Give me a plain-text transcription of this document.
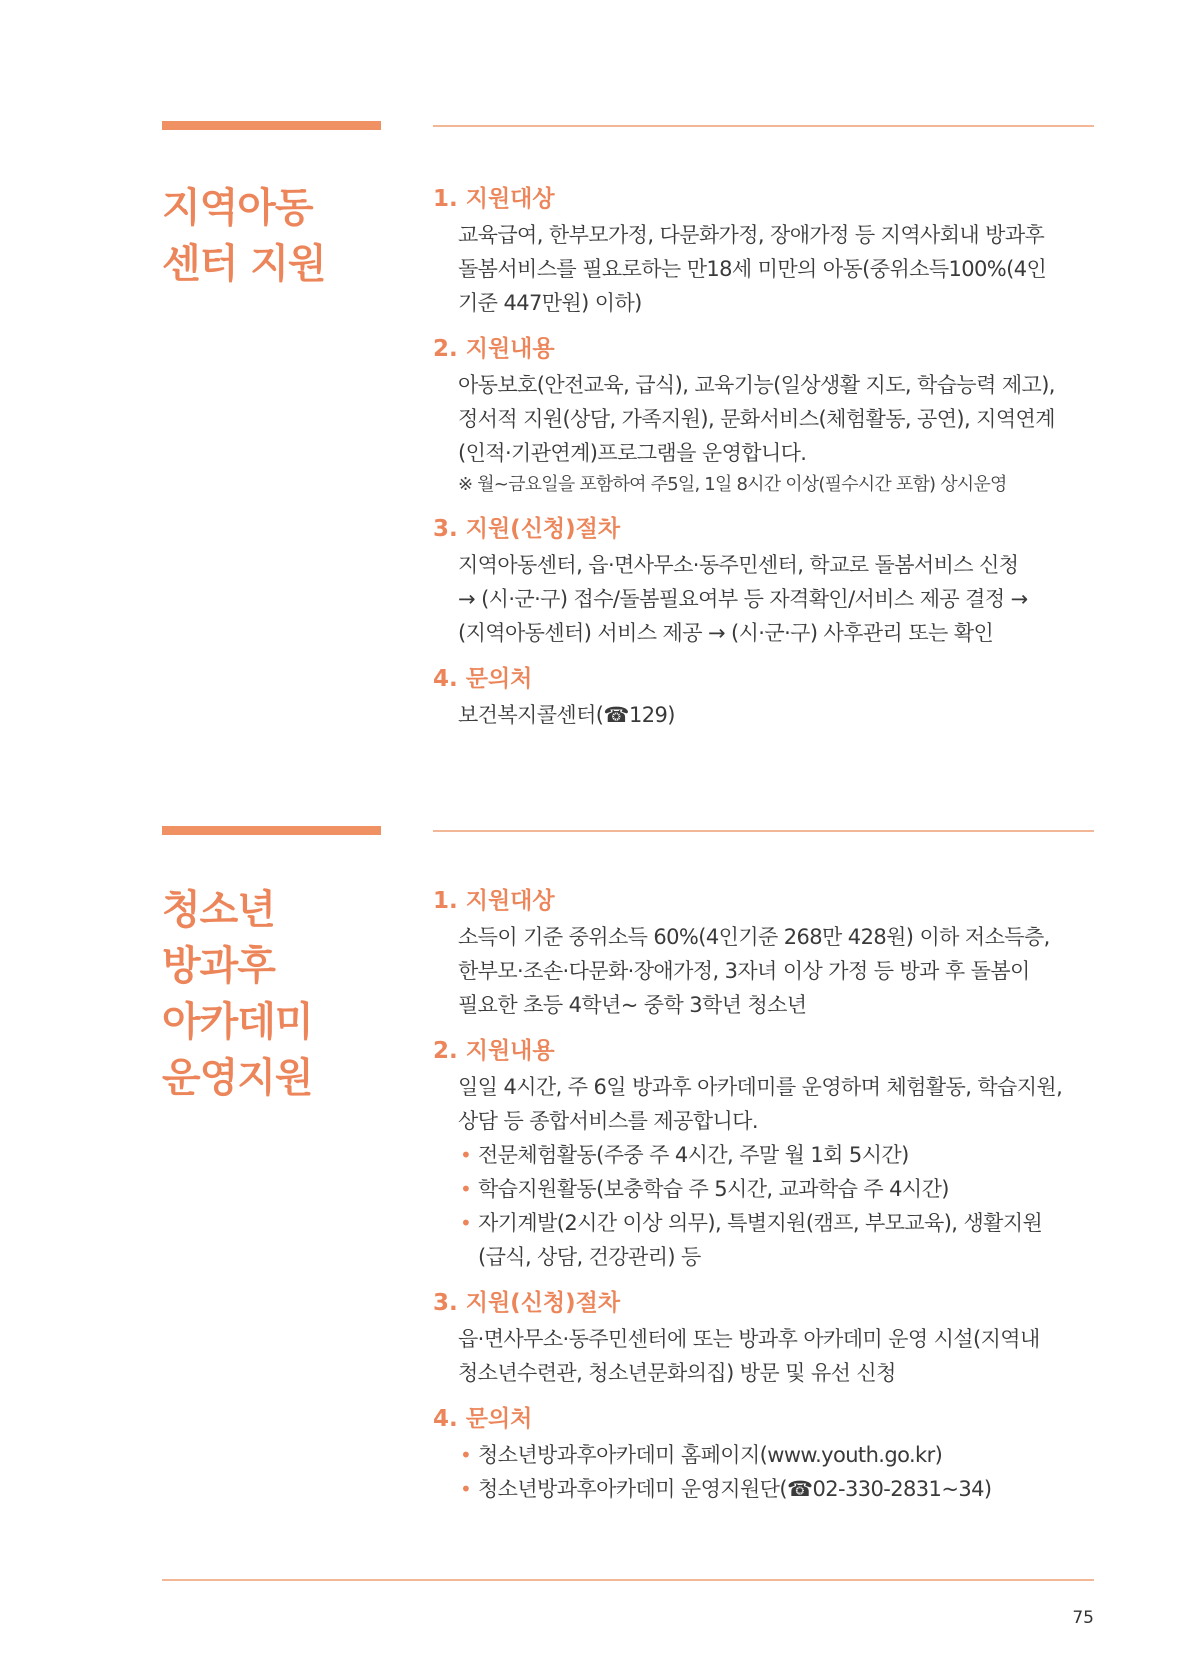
지역아동
센터 지원
1. 지원대상
교육급여, 한부모가정, 다문화가정, 장애가정 등 지역사회내 방과후
돌봄서비스를 필요로하는 만18세 미만의 아동(중위소득100%(4인
기준 447만원) 이하)
2. 지원내용
아동보호(안전교육, 급식), 교육기능(일상생활 지도, 학습능력 제고),
정서적 지원(상담, 가족지원), 문화서비스(체험활동, 공연), 지역연계
(인적·기관연계)프로그램을 운영합니다.
※ 월~금요일을 포함하여 주5일, 1일 8시간 이상(필수시간 포함) 상시운영
3. 지원(신청)절차
지역아동센터, 읍·면사무소·동주민센터, 학교로 돌봄서비스 신청
→ (시·군·구) 접수/돌봄필요여부 등 자격확인/서비스 제공 결정 →
(지역아동센터) 서비스 제공 → (시·군·구) 사후관리 또는 확인
4. 문의처
보건복지콜센터(☎129)
청소년
방과후
아카데미
운영지원
1. 지원대상
소득이 기준 중위소득 60%(4인기준 268만 428원) 이하 저소득층,
한부모·조손·다문화·장애가정, 3자녀 이상 가정 등 방과 후 돌봄이
필요한 초등 4학년~ 중학 3학년 청소년
2. 지원내용
일일 4시간, 주 6일 방과후 아카데미를 운영하며 체험활동, 학습지원,
상담 등 종합서비스를 제공합니다.
• 전문체험활동(주중 주 4시간, 주말 월 1회 5시간)
• 학습지원활동(보충학습 주 5시간, 교과학습 주 4시간)
• 자기계발(2시간 이상 의무), 특별지원(캠프, 부모교육), 생활지원
(급식, 상담, 건강관리) 등
3. 지원(신청)절차
읍·면사무소·동주민센터에 또는 방과후 아카데미 운영 시설(지역내
청소년수련관, 청소년문화의집) 방문 및 유선 신청
4. 문의처
• 청소년방과후아카데미 홈페이지(www.youth.go.kr)
• 청소년방과후아카데미 운영지원단(☎02-330-2831~34)
75
